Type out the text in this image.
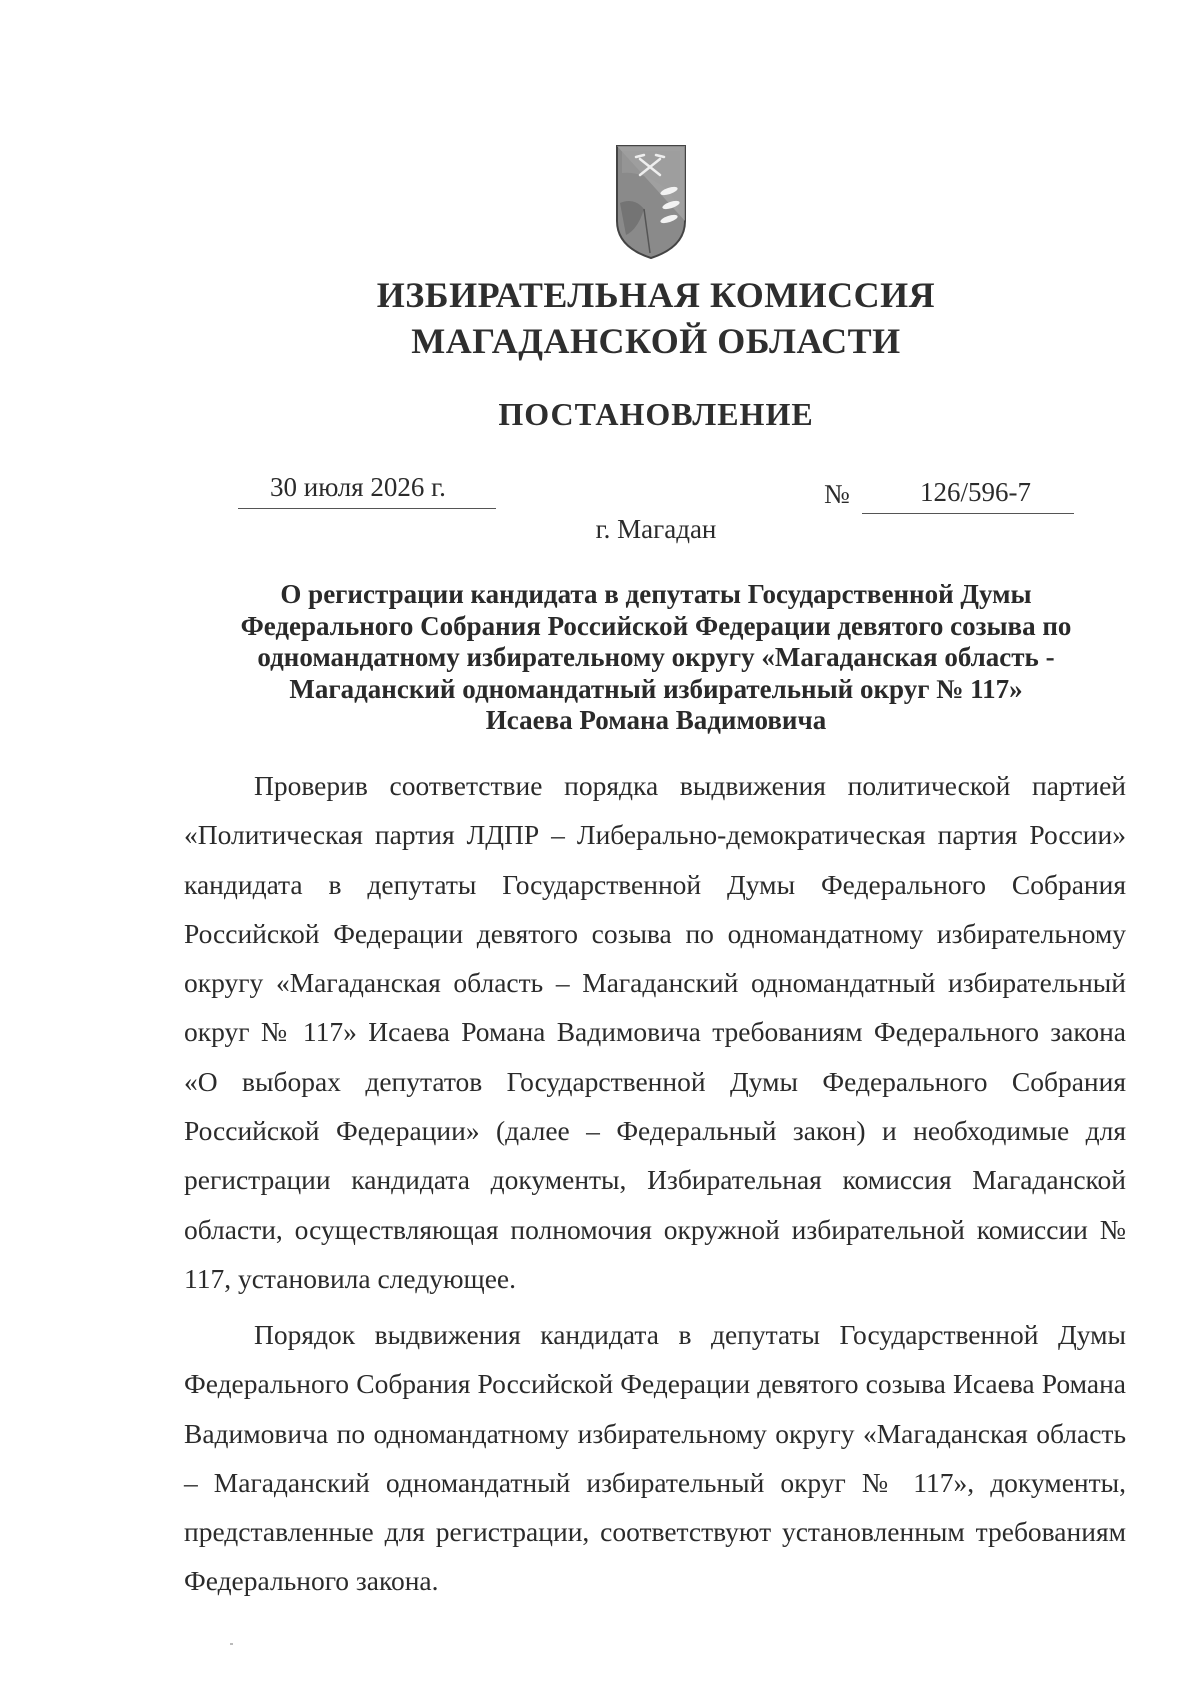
ИЗБИРАТЕЛЬНАЯ КОМИССИЯ
МАГАДАНСКОЙ ОБЛАСТИ
ПОСТАНОВЛЕНИЕ
30 июля 2026 г.	№	126/596-7
г. Магадан
О регистрации кандидата в депутаты Государственной Думы
Федерального Собрания Российской Федерации девятого созыва по
одномандатному избирательному округу «Магаданская область -
Магаданский одномандатный избирательный округ № 117»
Исаева Романа Вадимовича

Проверив соответствие порядка выдвижения политической партией «Политическая партия ЛДПР – Либерально-демократическая партия России» кандидата в депутаты Государственной Думы Федерального Собрания Российской Федерации девятого созыва по одномандатному избирательному округу «Магаданская область – Магаданский одномандатный избирательный округ № 117» Исаева Романа Вадимовича требованиям Федерального закона «О выборах депутатов Государственной Думы Федерального Собрания Российской Федерации» (далее – Федеральный закон) и необходимые для регистрации кандидата документы, Избирательная комиссия Магаданской области, осуществляющая полномочия окружной избирательной комиссии № 117, установила следующее.

Порядок выдвижения кандидата в депутаты Государственной Думы Федерального Собрания Российской Федерации девятого созыва Исаева Романа Вадимовича по одномандатному избирательному округу «Магаданская область – Магаданский одномандатный избирательный округ № 117», документы, представленные для регистрации, соответствуют установленным требованиям Федерального закона.
